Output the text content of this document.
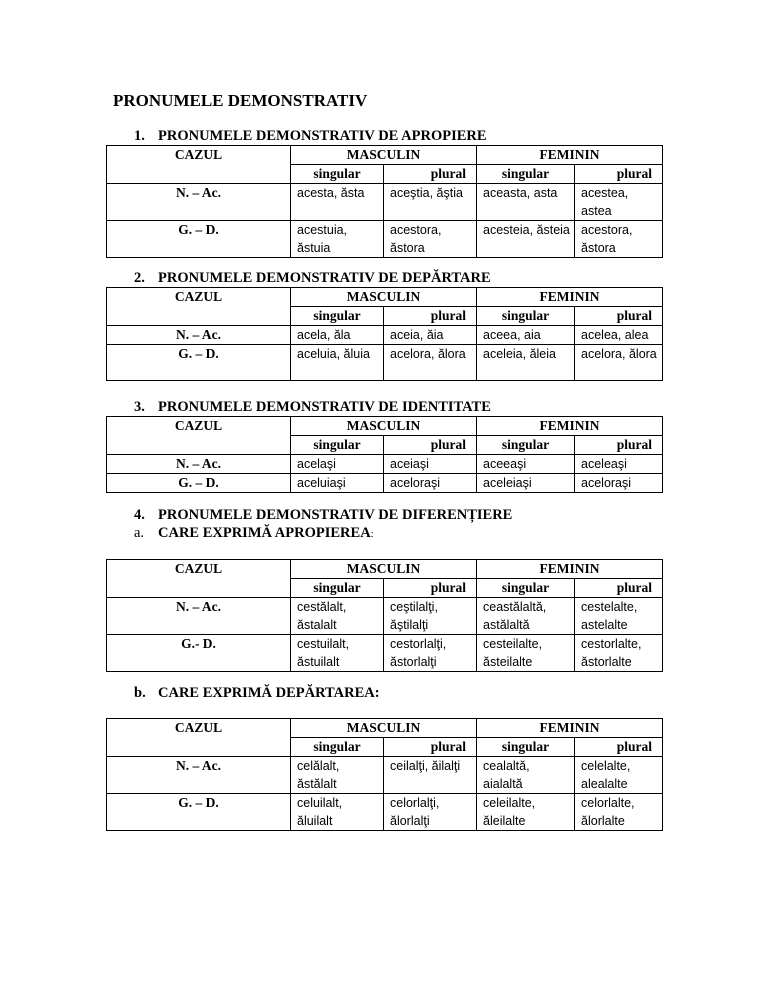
PRONUMELE DEMONSTRATIV
1. PRONUMELE DEMONSTRATIV DE APROPIERE
CAZUL	MASCULIN		FEMININ	
	singular	plural	singular	plural
N. – Ac.	acesta, ăsta	aceştia, ăştia	aceasta, asta	acestea, astea
G. – D.	acestuia, ăstuia	acestora, ăstora	acesteia, ăsteia	acestora, ăstora
2. PRONUMELE DEMONSTRATIV DE DEPĂRTARE
CAZUL	MASCULIN		FEMININ	
	singular	plural	singular	plural
N. – Ac.	acela, ăla	aceia, ăia	aceea, aia	acelea, alea
G. – D.	aceluia, ăluia	acelora, ălora	aceleia, ăleia	acelora, ălora
3. PRONUMELE DEMONSTRATIV DE IDENTITATE
CAZUL	MASCULIN		FEMININ	
	singular	plural	singular	plural
N. – Ac.	acelaşi	aceiaşi	aceeaşi	aceleaşi
G. – D.	aceluiaşi	aceloraşi	aceleiaşi	aceloraşi
4. PRONUMELE DEMONSTRATIV DE DIFERENȚIERE
a. CARE EXPRIMĂ APROPIEREA:
CAZUL	MASCULIN		FEMININ	
	singular	plural	singular	plural
N. – Ac.	cestălalt, ăstalalt	ceştilalţi, ăştilalţi	ceastălaltă, astălaltă	cestelalte, astelalte
G.- D.	cestuilalt, ăstuilalt	cestorlalţi, ăstorlalţi	cesteilalte, ăsteilalte	cestorlalte, ăstorlalte
b. CARE EXPRIMĂ DEPĂRTAREA:
CAZUL	MASCULIN		FEMININ	
	singular	plural	singular	plural
N. – Ac.	celălalt, ăstălalt	ceilalţi, ăilalţi	cealaltă, aialaltă	celelalte, alealalte
G. – D.	celuilalt, ăluilalt	celorlalţi, ălorlalţi	celeilalte, ăleilalte	celorlalte, ălorlalte
